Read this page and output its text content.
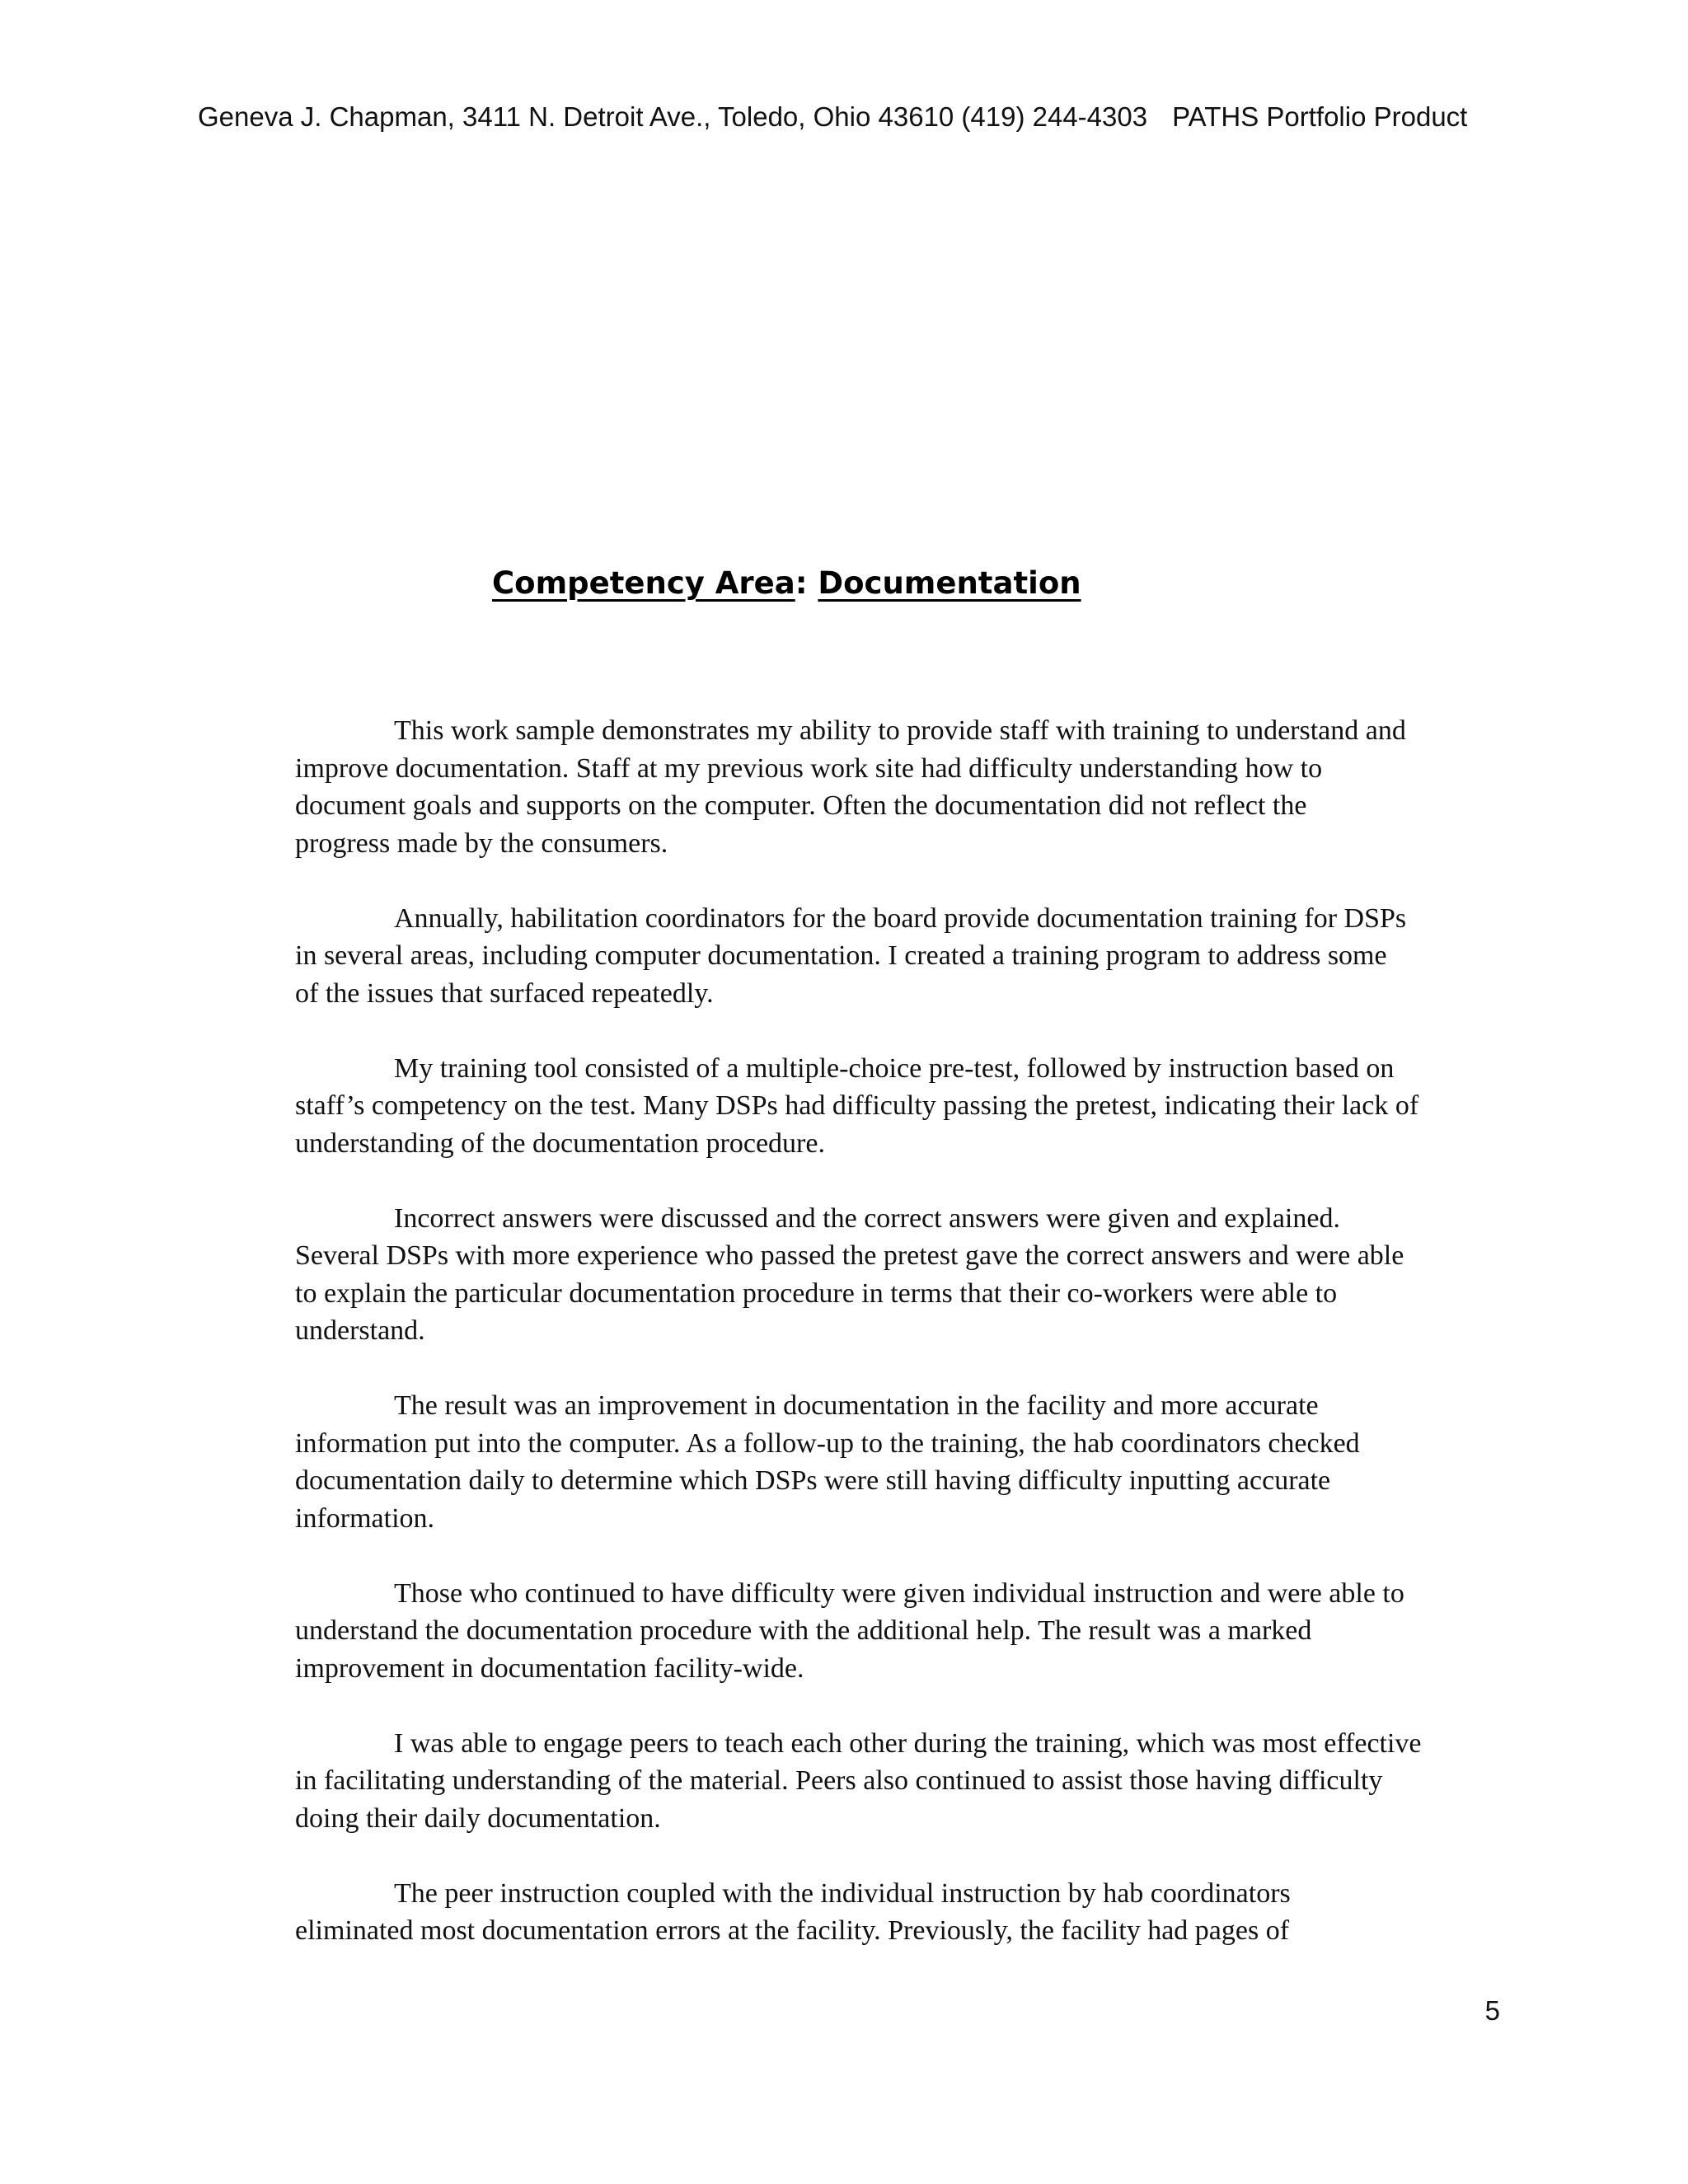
Geneva J. Chapman, 3411 N. Detroit Ave., Toledo, Ohio 43610 (419) 244-4303 PATHS Portfolio Product
Competency Area: Documentation

This work sample demonstrates my ability to provide staff with training to understand and
improve documentation. Staff at my previous work site had difficulty understanding how to
document goals and supports on the computer. Often the documentation did not reflect the
progress made by the consumers.

Annually, habilitation coordinators for the board provide documentation training for DSPs
in several areas, including computer documentation. I created a training program to address some
of the issues that surfaced repeatedly.

My training tool consisted of a multiple-choice pre-test, followed by instruction based on
staff’s competency on the test. Many DSPs had difficulty passing the pretest, indicating their lack of
understanding of the documentation procedure.

Incorrect answers were discussed and the correct answers were given and explained.
Several DSPs with more experience who passed the pretest gave the correct answers and were able
to explain the particular documentation procedure in terms that their co-workers were able to
understand.

The result was an improvement in documentation in the facility and more accurate
information put into the computer. As a follow-up to the training, the hab coordinators checked
documentation daily to determine which DSPs were still having difficulty inputting accurate
information.

Those who continued to have difficulty were given individual instruction and were able to
understand the documentation procedure with the additional help. The result was a marked
improvement in documentation facility-wide.

I was able to engage peers to teach each other during the training, which was most effective
in facilitating understanding of the material. Peers also continued to assist those having difficulty
doing their daily documentation.

The peer instruction coupled with the individual instruction by hab coordinators
eliminated most documentation errors at the facility. Previously, the facility had pages of

5
